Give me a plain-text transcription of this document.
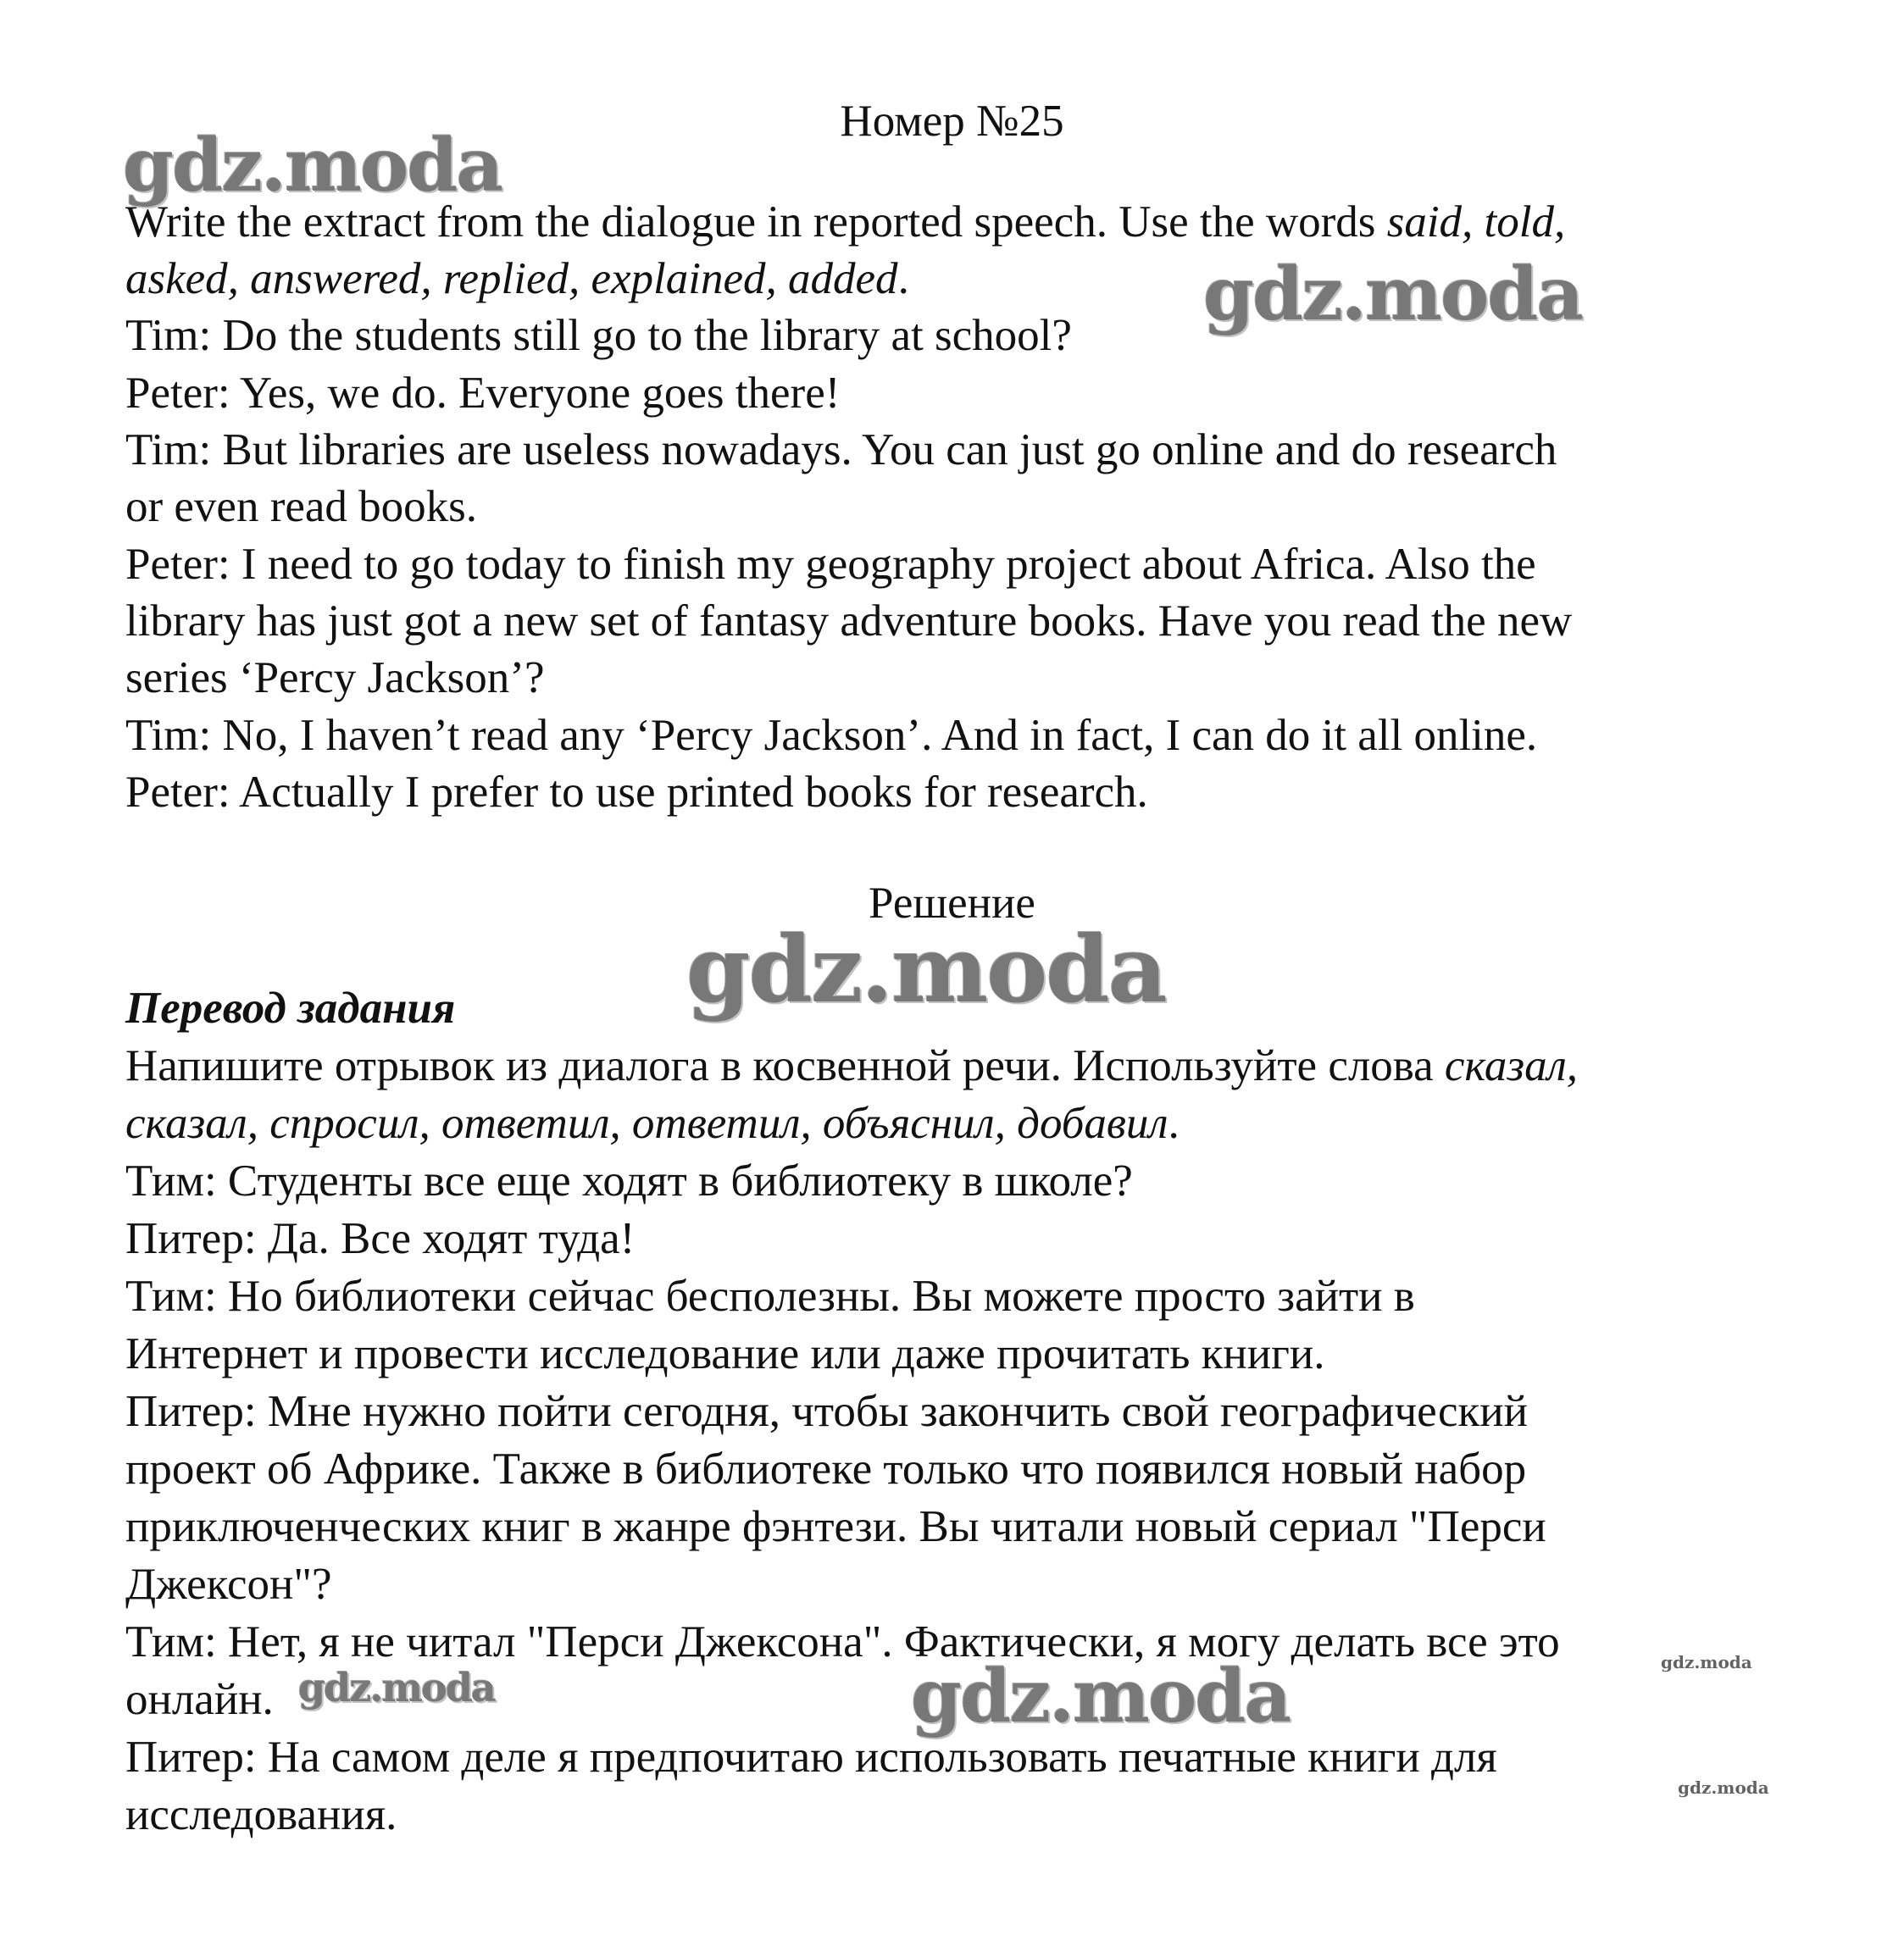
Номер №25
Write the extract from the dialogue in reported speech. Use the words said, told,
asked, answered, replied, explained, added.
Tim: Do the students still go to the library at school?
Peter: Yes, we do. Everyone goes there!
Tim: But libraries are useless nowadays. You can just go online and do research
or even read books.
Peter: I need to go today to finish my geography project about Africa. Also the
library has just got a new set of fantasy adventure books. Have you read the new
series ‘Percy Jackson’?
Tim: No, I haven’t read any ‘Percy Jackson’. And in fact, I can do it all online.
Peter: Actually I prefer to use printed books for research.
Решение
Перевод задания
Напишите отрывок из диалога в косвенной речи. Используйте слова сказал,
сказал, спросил, ответил, ответил, объяснил, добавил.
Тим: Студенты все еще ходят в библиотеку в школе?
Питер: Да. Все ходят туда!
Тим: Но библиотеки сейчас бесполезны. Вы можете просто зайти в
Интернет и провести исследование или даже прочитать книги.
Питер: Мне нужно пойти сегодня, чтобы закончить свой географический
проект об Африке. Также в библиотеке только что появился новый набор
приключенческих книг в жанре фэнтези. Вы читали новый сериал "Перси
Джексон"?
Тим: Нет, я не читал "Перси Джексона". Фактически, я могу делать все это
онлайн.
Питер: На самом деле я предпочитаю использовать печатные книги для
исследования.
gdz.moda
gdz.moda
gdz.moda
gdz.moda	gdz.moda	gdz.moda
gdz.moda
